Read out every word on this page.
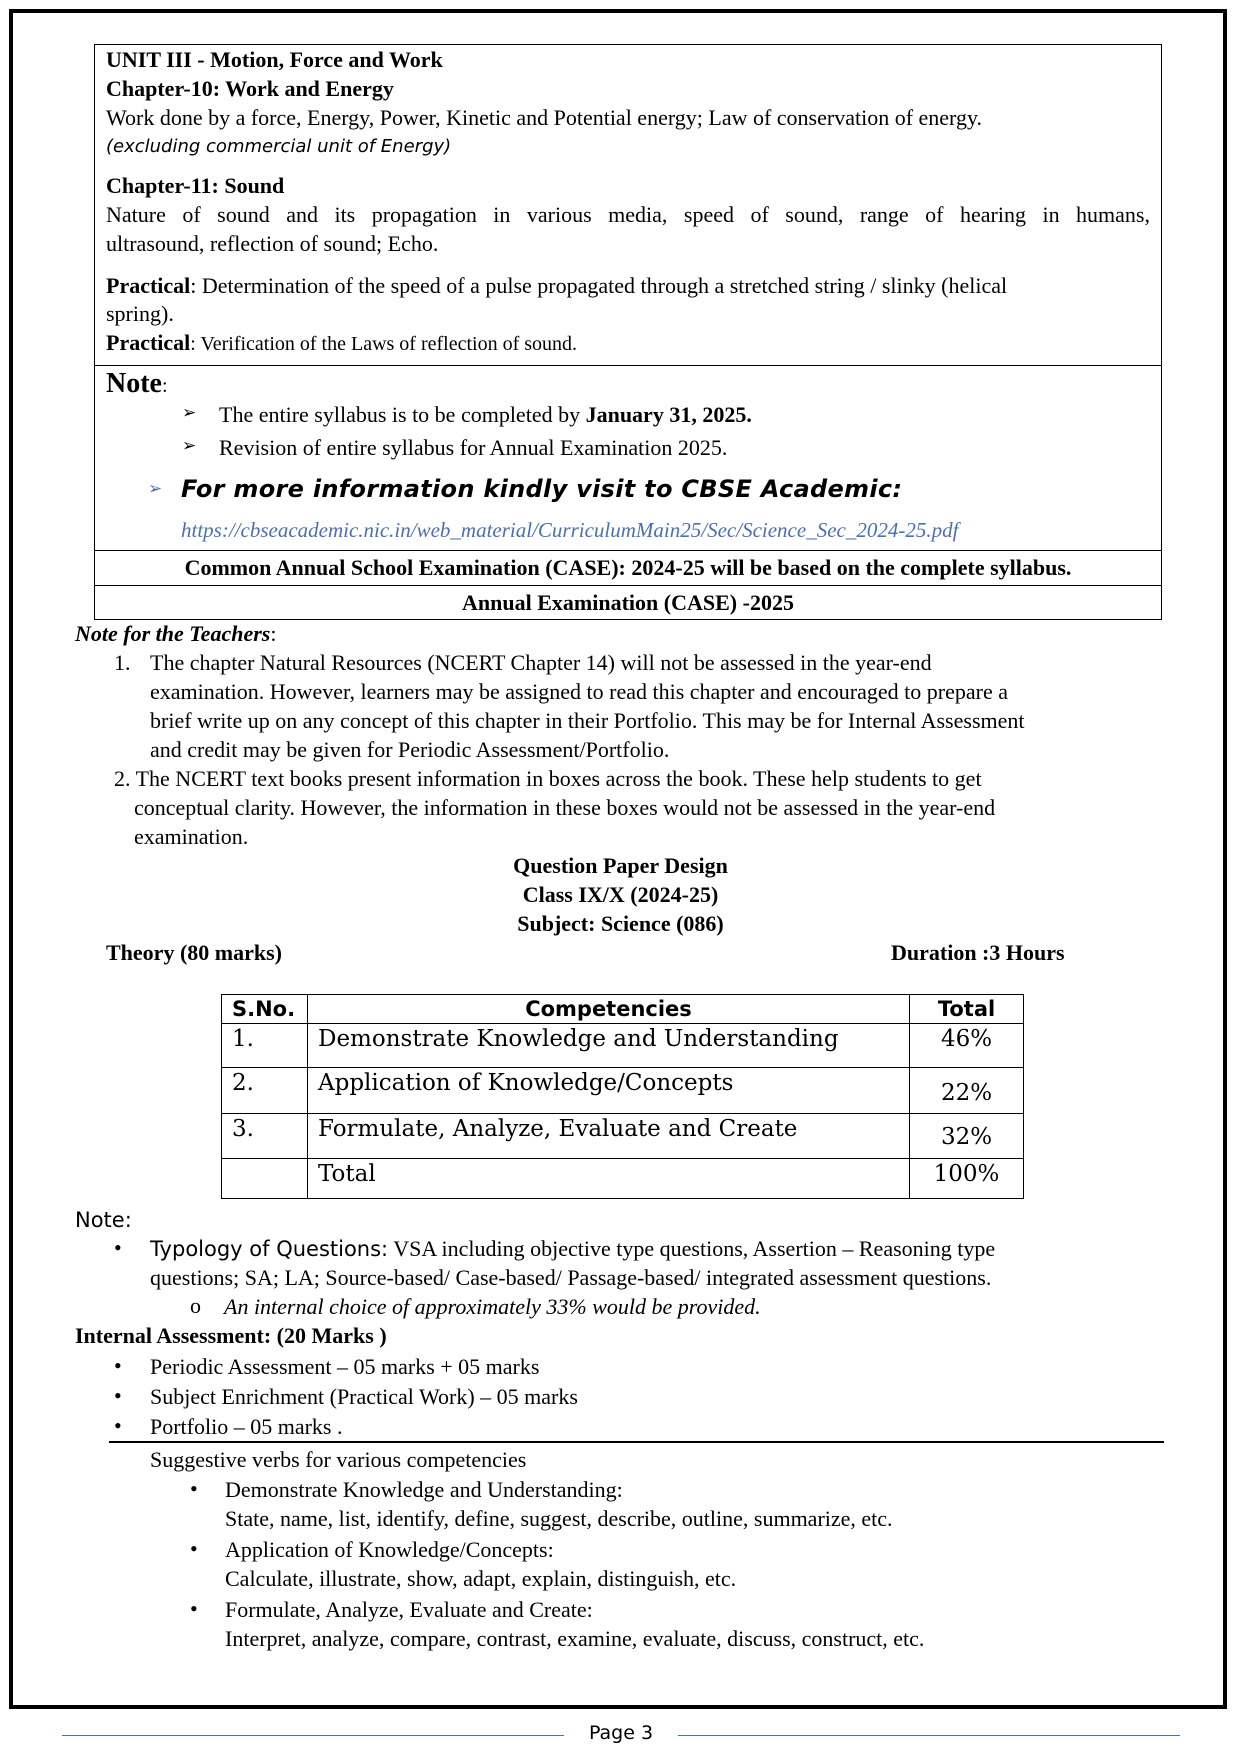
UNIT III - Motion, Force and Work
Chapter-10: Work and Energy
Work done by a force, Energy, Power, Kinetic and Potential energy; Law of conservation of energy.
(excluding commercial unit of Energy)
Chapter-11: Sound
Nature of sound and its propagation in various media, speed of sound, range of hearing in humans,
ultrasound, reflection of sound; Echo.
Practical: Determination of the speed of a pulse propagated through a stretched string / slinky (helical
spring).
Practical: Verification of the Laws of reflection of sound.
Note:
➢ The entire syllabus is to be completed by January 31, 2025.
➢ Revision of entire syllabus for Annual Examination 2025.
➢ For more information kindly visit to CBSE Academic:
https://cbseacademic.nic.in/web_material/CurriculumMain25/Sec/Science_Sec_2024-25.pdf
Common Annual School Examination (CASE): 2024-25 will be based on the complete syllabus.
Annual Examination (CASE) -2025
Note for the Teachers:
1. The chapter Natural Resources (NCERT Chapter 14) will not be assessed in the year-end
examination. However, learners may be assigned to read this chapter and encouraged to prepare a
brief write up on any concept of this chapter in their Portfolio. This may be for Internal Assessment
and credit may be given for Periodic Assessment/Portfolio.
2. The NCERT text books present information in boxes across the book. These help students to get
conceptual clarity. However, the information in these boxes would not be assessed in the year-end
examination.
Question Paper Design
Class IX/X (2024-25)
Subject: Science (086)
Theory (80 marks)	Duration :3 Hours
S.No.	Competencies	Total
1.	Demonstrate Knowledge and Understanding	46%
2.	Application of Knowledge/Concepts	22%
3.	Formulate, Analyze, Evaluate and Create	32%
	Total	100%
Note:
• Typology of Questions: VSA including objective type questions, Assertion – Reasoning type
questions; SA; LA; Source-based/ Case-based/ Passage-based/ integrated assessment questions.
o An internal choice of approximately 33% would be provided.
Internal Assessment: (20 Marks )
• Periodic Assessment – 05 marks + 05 marks
• Subject Enrichment (Practical Work) – 05 marks
• Portfolio – 05 marks .
Suggestive verbs for various competencies
• Demonstrate Knowledge and Understanding:
State, name, list, identify, define, suggest, describe, outline, summarize, etc.
• Application of Knowledge/Concepts:
Calculate, illustrate, show, adapt, explain, distinguish, etc.
• Formulate, Analyze, Evaluate and Create:
Interpret, analyze, compare, contrast, examine, evaluate, discuss, construct, etc.
Page 3
